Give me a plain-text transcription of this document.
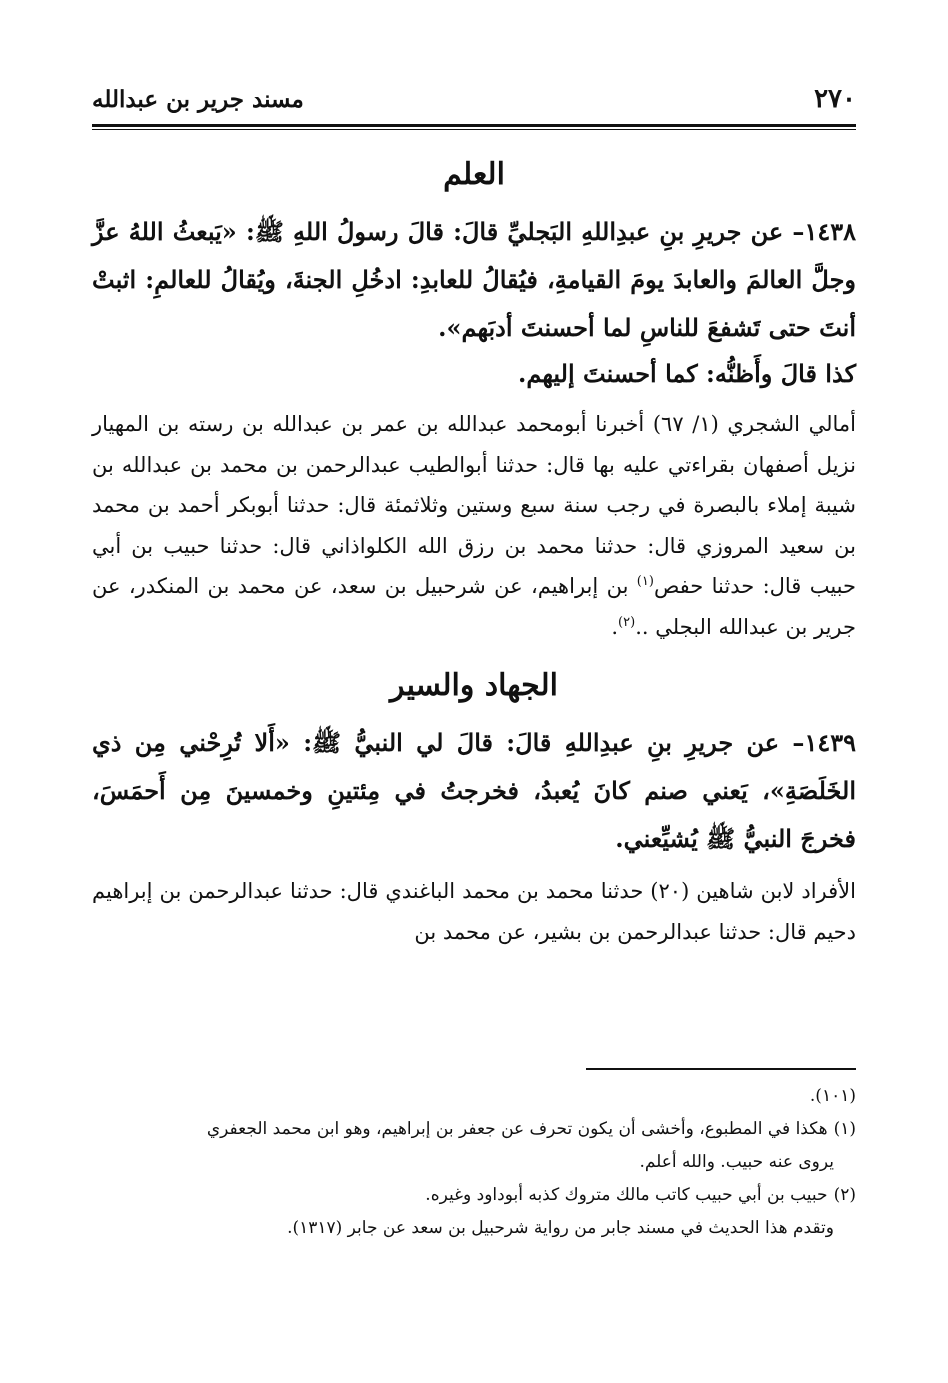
٢٧٠
مسند جرير بن عبدالله
العلم

١٤٣٨– عن جريرِ بنِ عبدِاللهِ البَجليِّ قالَ: قالَ رسولُ اللهِ ﷺ: «يَبعثُ اللهُ عزَّ وجلَّ العالمَ والعابدَ يومَ القيامةِ، فيُقالُ للعابدِ: ادخُلِ الجنةَ، ويُقالُ للعالمِ: اثبتْ أنتَ حتى تَشفعَ للناسِ لما أحسنتَ أدبَهم».

كذا قالَ وأَظنُّه: كما أحسنتَ إليهم.

أمالي الشجري (١/ ٦٧) أخبرنا أبومحمد عبدالله بن عمر بن عبدالله بن رسته بن المهيار نزيل أصفهان بقراءتي عليه بها قال: حدثنا أبوالطيب عبدالرحمن بن محمد بن عبدالله بن شيبة إملاء بالبصرة في رجب سنة سبع وستين وثلاثمئة قال: حدثنا أبوبكر أحمد بن محمد بن سعيد المروزي قال: حدثنا محمد بن رزق الله الكلواذاني قال: حدثنا حبيب بن أبي حبيب قال: حدثنا حفص$^{(١)}$ بن إبراهيم، عن شرحبيل بن سعد، عن محمد بن المنكدر، عن جرير بن عبدالله البجلي ..$^{(٢)}$.

الجهاد والسير

١٤٣٩– عن جريرِ بنِ عبدِاللهِ قالَ: قالَ لي النبيُّ ﷺ: «أَلا تُرِحْني مِن ذي الخَلَصَةِ»، يَعني صنم كانَ يُعبدُ، فخرجتُ في مِئتينِ وخمسينَ مِن أَحمَسَ، فخرجَ النبيُّ ﷺ يُشيِّعني.

الأفراد لابن شاهين (٢٠) حدثنا محمد بن محمد الباغندي قال: حدثنا عبدالرحمن بن إبراهيم دحيم قال: حدثنا عبدالرحمن بن بشير، عن محمد بن

(١٠١).

(١)هكذا في المطبوع، وأخشى أن يكون تحرف عن جعفر بن إبراهيم، وهو ابن محمد الجعفري

يروى عنه حبيب. والله أعلم.

(٢)حبيب بن أبي حبيب كاتب مالك متروك كذبه أبوداود وغيره.

وتقدم هذا الحديث في مسند جابر من رواية شرحبيل بن سعد عن جابر (١٣١٧).
